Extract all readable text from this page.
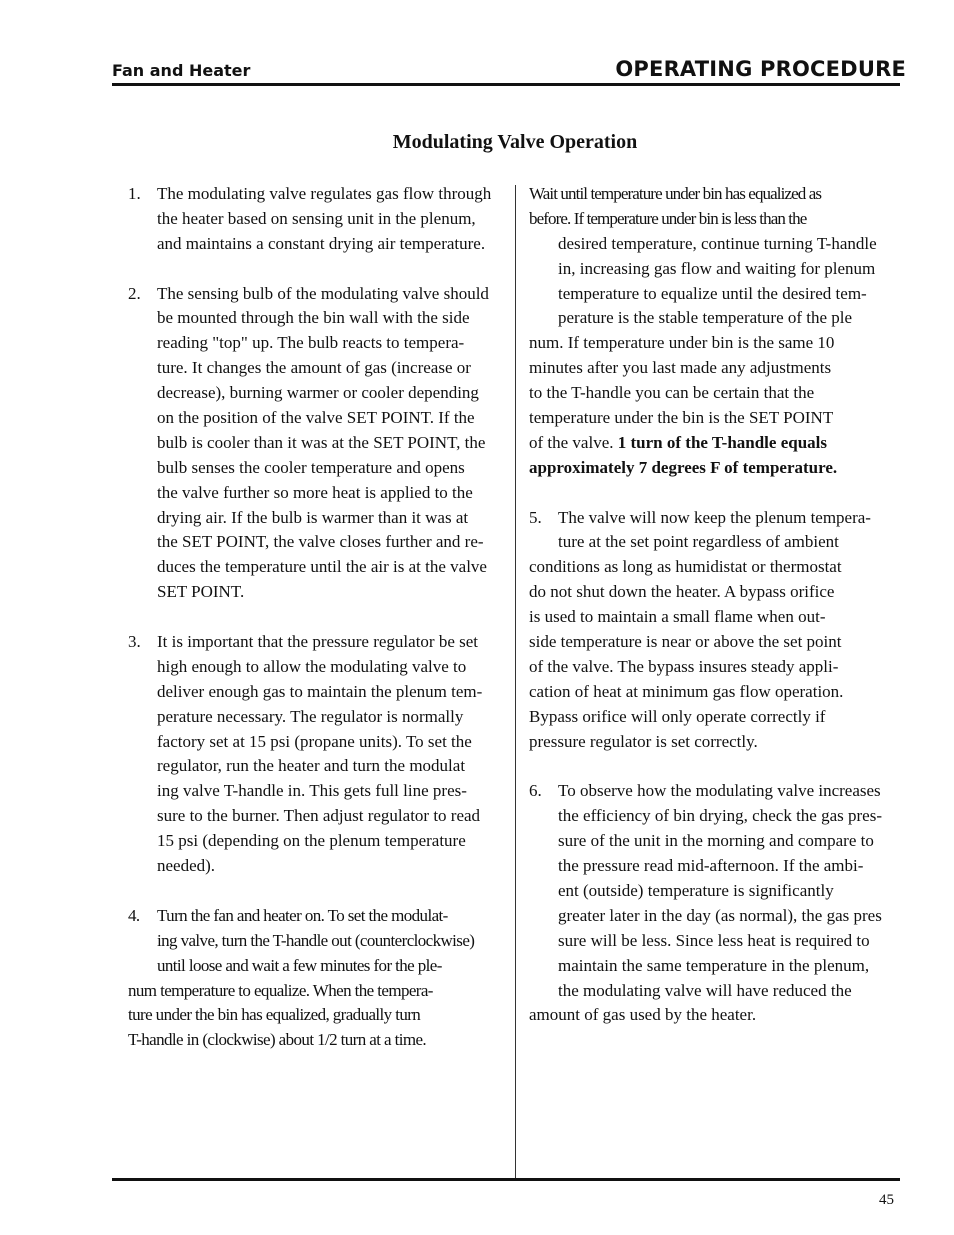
Fan and Heater	OPERATING PROCEDURE
Modulating Valve Operation
1. The modulating valve regulates gas flow through
the heater based on sensing unit in the plenum,
and maintains a constant drying air temperature.
2. The sensing bulb of the modulating valve should
be mounted through the bin wall with the side
reading "top" up. The bulb reacts to tempera-
ture. It changes the amount of gas (increase or
decrease), burning warmer or cooler depending
on the position of the valve SET POINT. If the
bulb is cooler than it was at the SET POINT, the
bulb senses the cooler temperature and opens
the valve further so more heat is applied to the
drying air. If the bulb is warmer than it was at
the SET POINT, the valve closes further and re-
duces the temperature until the air is at the valve
SET POINT.
3. It is important that the pressure regulator be set
high enough to allow the modulating valve to
deliver enough gas to maintain the plenum tem-
perature necessary. The regulator is normally
factory set at 15 psi (propane units). To set the
regulator, run the heater and turn the modulat
ing valve T-handle in. This gets full line pres-
sure to the burner. Then adjust regulator to read
15 psi (depending on the plenum temperature
needed).
4. Turn the fan and heater on. To set the modulat-
ing valve, turn the T-handle out (counterclockwise)
until loose and wait a few minutes for the ple-
num temperature to equalize. When the tempera-
ture under the bin has equalized, gradually turn
T-handle in (clockwise) about 1/2 turn at a time.
Wait until temperature under bin has equalized as
before. If temperature under bin is less than the
desired temperature, continue turning T-handle
in, increasing gas flow and waiting for plenum
temperature to equalize until the desired tem-
perature is the stable temperature of the ple
num. If temperature under bin is the same 10
minutes after you last made any adjustments
to the T-handle you can be certain that the
temperature under the bin is the SET POINT
of the valve. 1 turn of the T-handle equals
approximately 7 degrees F of temperature.
5. The valve will now keep the plenum tempera-
ture at the set point regardless of ambient
conditions as long as humidistat or thermostat
do not shut down the heater. A bypass orifice
is used to maintain a small flame when out-
side temperature is near or above the set point
of the valve. The bypass insures steady appli-
cation of heat at minimum gas flow operation.
Bypass orifice will only operate correctly if
pressure regulator is set correctly.
6. To observe how the modulating valve increases
the efficiency of bin drying, check the gas pres-
sure of the unit in the morning and compare to
the pressure read mid-afternoon. If the ambi-
ent (outside) temperature is significantly
greater later in the day (as normal), the gas pres
sure will be less. Since less heat is required to
maintain the same temperature in the plenum,
the modulating valve will have reduced the
amount of gas used by the heater.
45
